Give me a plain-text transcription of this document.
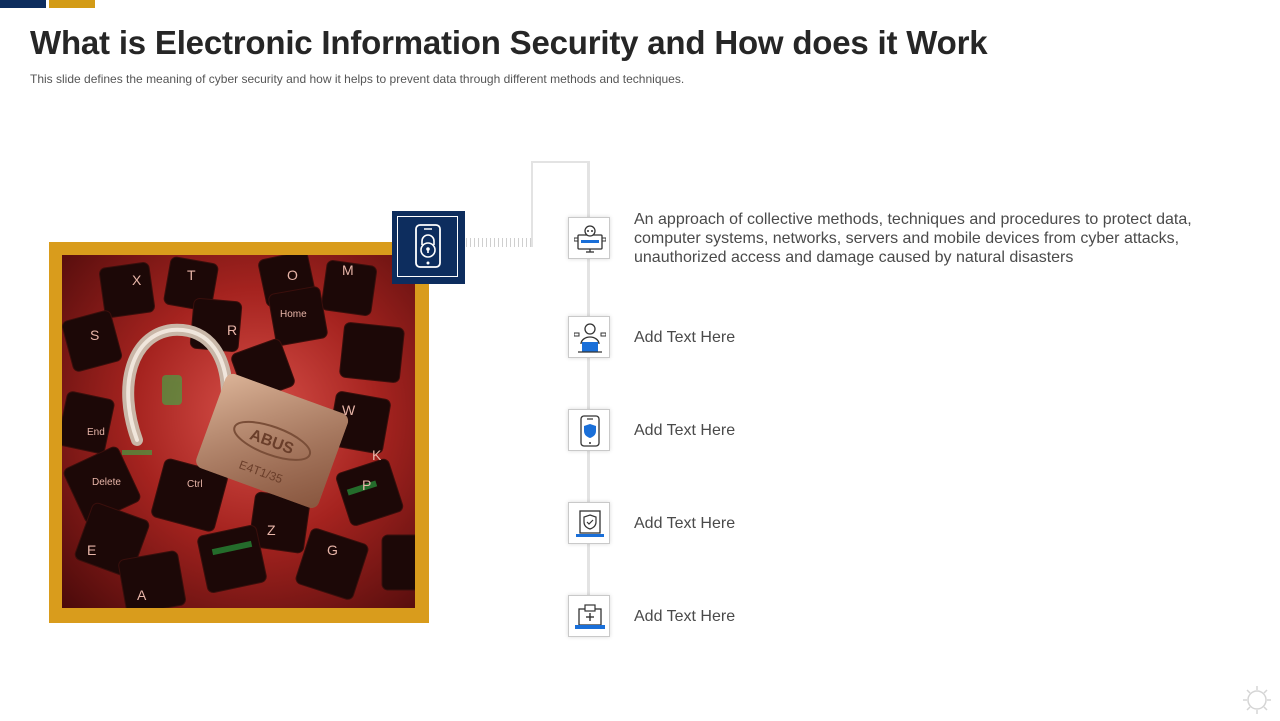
What is Electronic Information Security and How does it Work
This slide defines the meaning of cyber security and how it helps to prevent data through different methods and techniques.
ABUS
E4T1/35
X	T	O	M
S	R
Home
Ctrl
End
Delete
Z
G
W
K
P
E
A
An approach of collective methods, techniques and procedures to protect data, computer systems, networks, servers and mobile devices from cyber attacks, unauthorized access and damage caused by natural disasters
Add Text Here
Add Text Here
Add Text Here
Add Text Here
